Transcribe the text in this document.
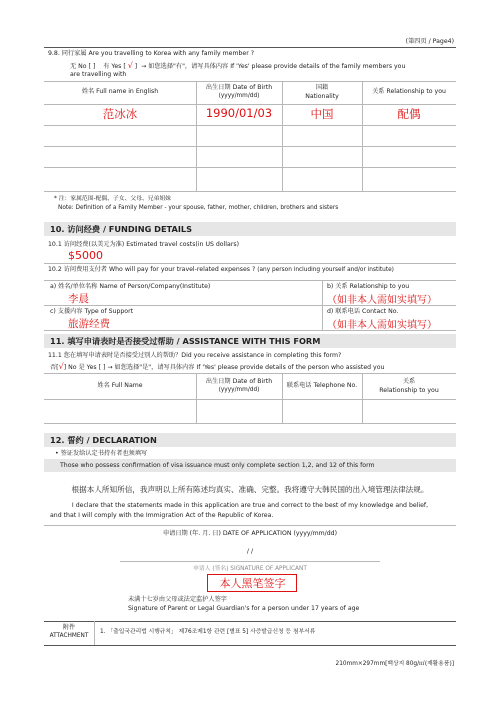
(第四页 / Page4)
9.8. 同行家属 Are you travelling to Korea with any family member ?
无 No [ ] 有 Yes [ √ ] → 如您选择"有"，请写具体内容 If 'Yes' please provide details of the family members you
are travelling with
姓名 Full name in English
出生日期 Date of Birth
(yyyy/mm/dd)
国籍
Nationality
关系 Relationship to you
范冰冰	1990/01/03	中国	配偶
* 注：家属范围-配偶、子女、父母、兄弟姐妹
Note: Definition of a Family Member - your spouse, father, mother, children, brothers and sisters
10. 访问经费 / FUNDING DETAILS
10.1 访问经费(以美元为准) Estimated travel costs(in US dollars)
$5000
10.2 访问费用支付者 Who will pay for your travel-related expenses ? (any person including yourself and/or institute)
a) 姓名/单位名称 Name of Person/Company(Institute)
李晨
b) 关系 Relationship to you
（如非本人需如实填写）
c) 支援内容 Type of Support
旅游经费
d) 联系电话 Contact No.
（如非本人需如实填写）
11. 填写申请表时是否接受过帮助 / ASSISTANCE WITH THIS FORM
11.1 您在填写申请表时是否接受过别人的帮助？Did you receive assistance in completing this form?
否[√] No 是 Yes [ ] → 如您选择"是"，请写具体内容 If 'Yes' please provide details of the person who assisted you
姓名 Full Name
出生日期 Date of Birth
(yyyy/mm/dd)
联系电话 Telephone No.
关系
Relationship to you
12. 誓约 / DECLARATION
• 签证发给认定书持有者也须填写
Those who possess confirmation of visa issuance must only complete section 1,2, and 12 of this form
根据本人所知所信，我声明以上所有陈述均真实、准确、完整。我将遵守大韩民国的出入境管理法律法规。
I declare that the statements made in this application are true and correct to the best of my knowledge and belief,
and that I will comply with the Immigration Act of the Republic of Korea.
申请日期 (年. 月. 日) DATE OF APPLICATION (yyyy/mm/dd)
/ /
申请人 (签名) SIGNATURE OF APPLICANT
本人黑笔签字
未满十七岁由父母或法定监护人签字
Signature of Parent or Legal Guardian's for a person under 17 years of age
附件
ATTACHMENT
1. 「출입국관리법 시행규칙」 제76조제1항 관련 [별표 5] 사증발급신청 등 첨부서류
210mm×297mm[백상지 80g/㎡(재활용품)]
